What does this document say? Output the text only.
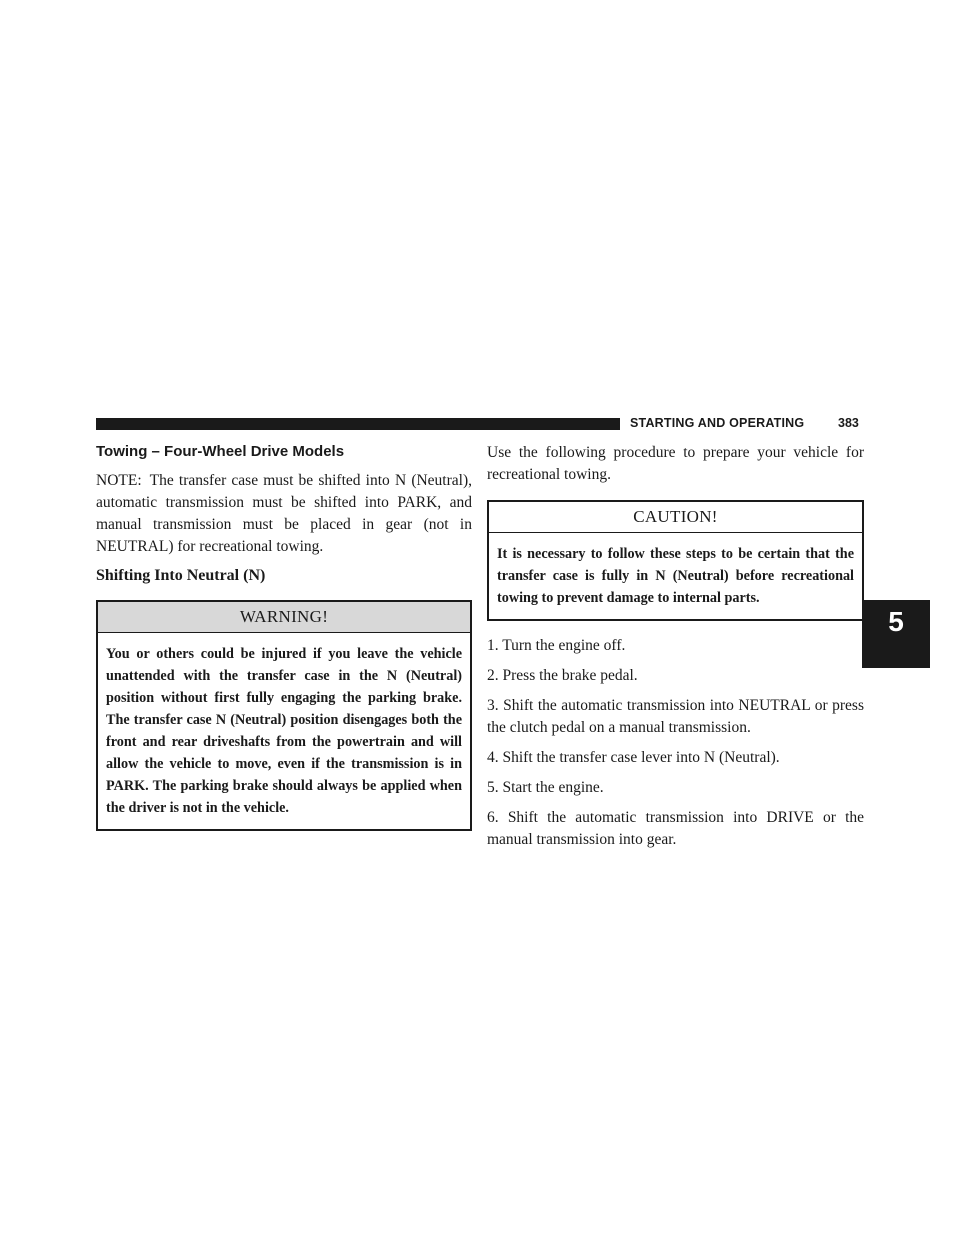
STARTING AND OPERATING	383
5
Towing – Four-Wheel Drive Models

NOTE: The transfer case must be shifted into N (Neutral), automatic transmission must be shifted into PARK, and manual transmission must be placed in gear (not in NEUTRAL) for recreational towing.

Shifting Into Neutral (N)
WARNING!
You or others could be injured if you leave the vehicle unattended with the transfer case in the N (Neutral) position without first fully engaging the parking brake. The transfer case N (Neutral) position disengages both the front and rear driveshafts from the powertrain and will allow the vehicle to move, even if the transmission is in PARK. The parking brake should always be applied when the driver is not in the vehicle.

Use the following procedure to prepare your vehicle for recreational towing.

CAUTION!
It is necessary to follow these steps to be certain that the transfer case is fully in N (Neutral) before recreational towing to prevent damage to internal parts.

1. Turn the engine off.

2. Press the brake pedal.

3. Shift the automatic transmission into NEUTRAL or press the clutch pedal on a manual transmission.

4. Shift the transfer case lever into N (Neutral).

5. Start the engine.

6. Shift the automatic transmission into DRIVE or the manual transmission into gear.
